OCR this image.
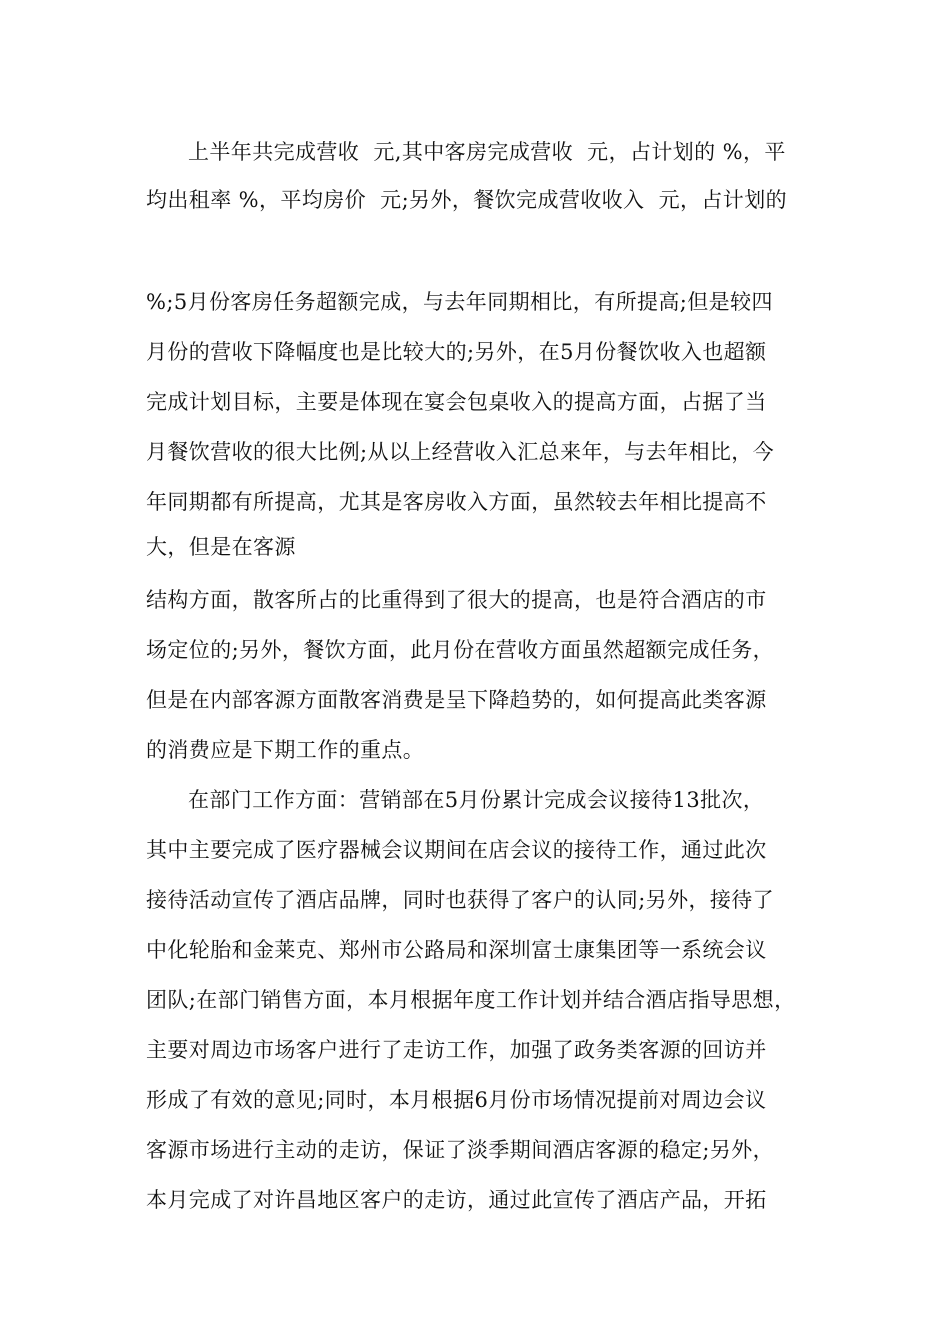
上半年共完成营收  元,其中客房完成营收  元，占计划的 %，平
均出租率 %，平均房价  元;另外，餐饮完成营收收入  元，占计划的
%;5月份客房任务超额完成，与去年同期相比，有所提高;但是较四
月份的营收下降幅度也是比较大的;另外，在5月份餐饮收入也超额
完成计划目标，主要是体现在宴会包桌收入的提高方面，占据了当
月餐饮营收的很大比例;从以上经营收入汇总来年，与去年相比，今
年同期都有所提高，尤其是客房收入方面，虽然较去年相比提高不
大，但是在客源
结构方面，散客所占的比重得到了很大的提高，也是符合酒店的市
场定位的;另外，餐饮方面，此月份在营收方面虽然超额完成任务，
但是在内部客源方面散客消费是呈下降趋势的，如何提高此类客源
的消费应是下期工作的重点。
在部门工作方面：营销部在5月份累计完成会议接待13批次，
其中主要完成了医疗器械会议期间在店会议的接待工作，通过此次
接待活动宣传了酒店品牌，同时也获得了客户的认同;另外，接待了
中化轮胎和金莱克、郑州市公路局和深圳富士康集团等一系统会议
团队;在部门销售方面，本月根据年度工作计划并结合酒店指导思想，
主要对周边市场客户进行了走访工作，加强了政务类客源的回访并
形成了有效的意见;同时，本月根据6月份市场情况提前对周边会议
客源市场进行主动的走访，保证了淡季期间酒店客源的稳定;另外，
本月完成了对许昌地区客户的走访，通过此宣传了酒店产品，开拓
